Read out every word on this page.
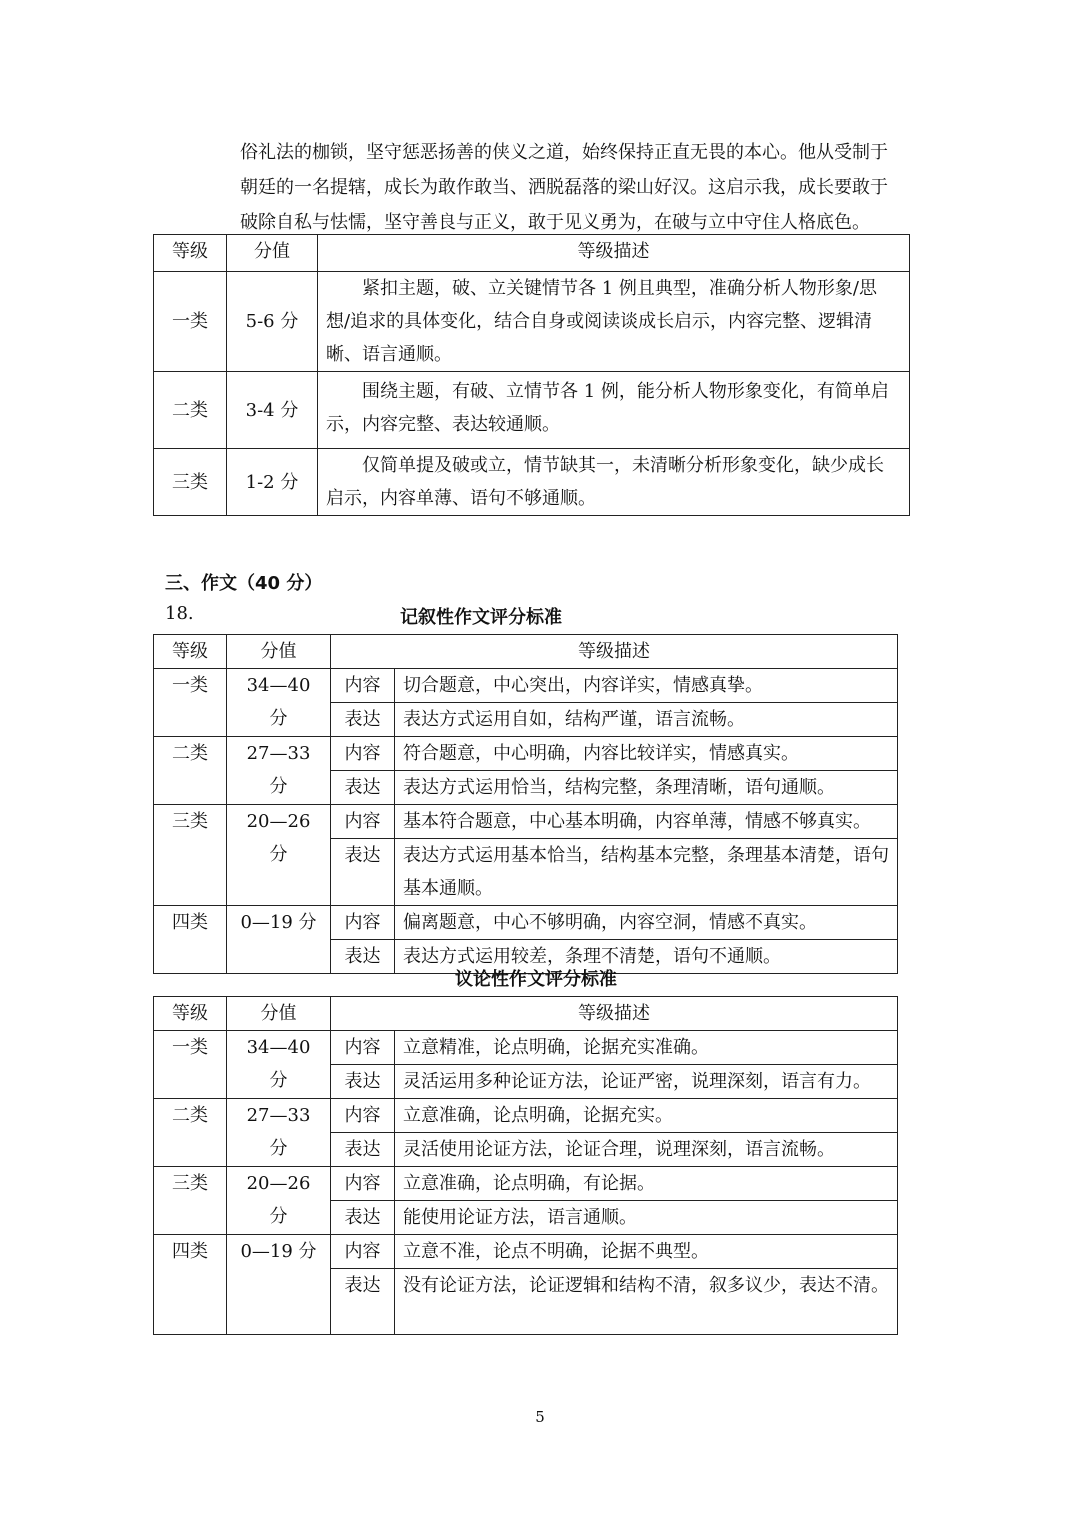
俗礼法的枷锁，坚守惩恶扬善的侠义之道，始终保持正直无畏的本心。他从受制于
朝廷的一名提辖，成长为敢作敢当、洒脱磊落的梁山好汉。这启示我，成长要敢于
破除自私与怯懦，坚守善良与正义，敢于见义勇为，在破与立中守住人格底色。
等级	分值	等级描述
一类	5-6 分	紧扣主题，破、立关键情节各 1 例且典型，准确分析人物形象/思想/追求的具体变化，结合自身或阅读谈成长启示，内容完整、逻辑清晰、语言通顺。
二类	3-4 分	围绕主题，有破、立情节各 1 例，能分析人物形象变化，有简单启示，内容完整、表达较通顺。
三类	1-2 分	仅简单提及破或立，情节缺其一，未清晰分析形象变化，缺少成长启示，内容单薄、语句不够通顺。
三、作文（40 分）
18.	记叙性作文评分标准
等级	分值	等级描述	
一类	34—40 分	内容	切合题意，中心突出，内容详实，情感真挚。
		表达	表达方式运用自如，结构严谨，语言流畅。
二类	27—33 分	内容	符合题意，中心明确，内容比较详实，情感真实。
		表达	表达方式运用恰当，结构完整，条理清晰，语句通顺。
三类	20—26 分	内容	基本符合题意，中心基本明确，内容单薄，情感不够真实。
		表达	表达方式运用基本恰当，结构基本完整，条理基本清楚，语句基本通顺。
四类	0—19 分	内容	偏离题意，中心不够明确，内容空洞，情感不真实。
		表达	表达方式运用较差，条理不清楚，语句不通顺。
议论性作文评分标准
等级	分值	等级描述	
一类	34—40 分	内容	立意精准，论点明确，论据充实准确。
		表达	灵活运用多种论证方法，论证严密，说理深刻，语言有力。
二类	27—33 分	内容	立意准确，论点明确，论据充实。
		表达	灵活使用论证方法，论证合理，说理深刻，语言流畅。
三类	20—26 分	内容	立意准确，论点明确，有论据。
		表达	能使用论证方法，语言通顺。
四类	0—19 分	内容	立意不准，论点不明确，论据不典型。
		表达	没有论证方法，论证逻辑和结构不清，叙多议少，表达不清。
5
